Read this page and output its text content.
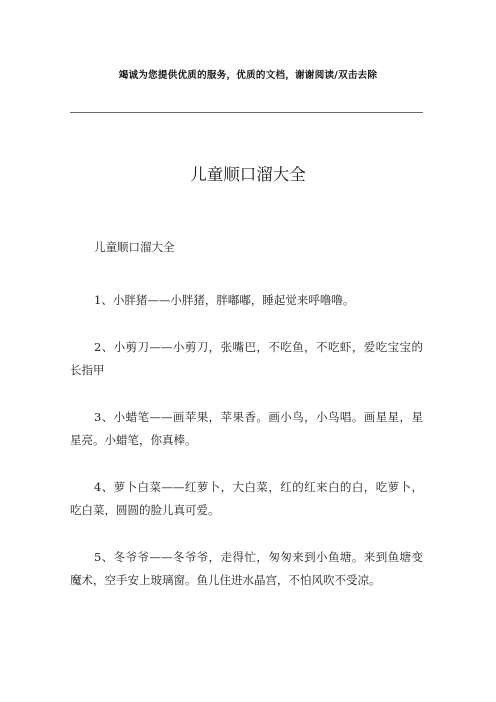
竭诚为您提供优质的服务，优质的文档，谢谢阅读/双击去除
儿童顺口溜大全

儿童顺口溜大全

1、小胖猪——小胖猪，胖嘟嘟，睡起觉来呼噜噜。

2、小剪刀——小剪刀，张嘴巴，不吃鱼，不吃虾，爱吃宝宝的长指甲

3、小蜡笔——画苹果，苹果香。画小鸟，小鸟唱。画星星，星星亮。小蜡笔，你真棒。

4、萝卜白菜——红萝卜，大白菜，红的红来白的白，吃萝卜，吃白菜，圆圆的脸儿真可爱。

5、冬爷爷——冬爷爷，走得忙，匆匆来到小鱼塘。来到鱼塘变魔术，空手安上玻璃窗。鱼儿住进水晶宫，不怕风吹不受凉。
